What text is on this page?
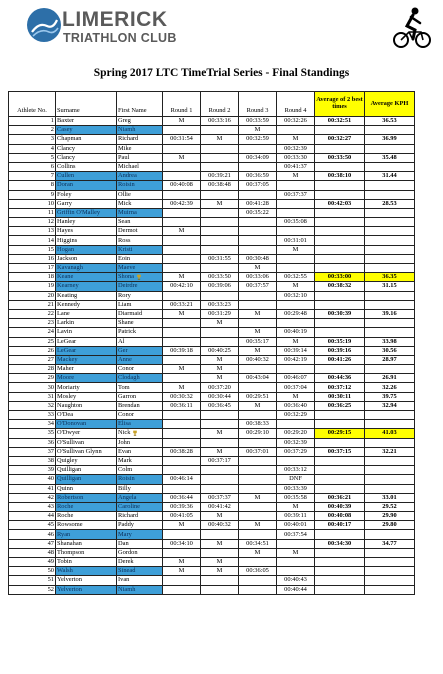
LIMERICK
TRIATHLON CLUB
Spring 2017 LTC TimeTrial Series - Final Standings
Athlete No.	Surname	First Name	Round 1	Round 2	Round 3	Round 4	Average of 2 best times	Average KPH
1	Baxter	Greg	M	00:33:16	00:33:59	00:32:26	00:32:51	36.53
2	Casey	Niamh			M			
3	Chapman	Richard	00:31:54	M	00:32:59	M	00:32:27	36.99
4	Clancy	Mike				00:32:39		
5	Clancy	Paul	M		00:34:09	00:33:30	00:33:50	35.48
6	Collins	Michael				00:41:37		
7	Cullen	Andrea		00:39:21	00:36:59	M	00:38:10	31.44
8	Doran	Roisin	00:40:08	00:38:48	00:37:05			
9	Foley	Ollie				00:37:37		
10	Garry	Mick	00:42:39	M	00:41:28		00:42:03	28.53
11	Griffin O'Malley	Muirna			00:35:22			
12	Hanley	Sean				00:35:08		
13	Hayes	Dermot	M					
14	Higgins	Ross				00:31:01		
15	Hogan	Kristi				M		
16	Jackson	Eoin		00:31:55	00:30:48			
17	Kavanagh	Maeve			M			
18	Keane	Shona	M	00:33:50	00:33:06	00:32:55	00:33:00	36.35
19	Kearney	Deirdre	00:42:10	00:39:06	00:37:57	M	00:38:32	31.15
20	Keating	Rory				00:32:10		
21	Kennedy	Liam	00:33:21	00:33:23				
22	Lane	Diarmaid	M	00:31:29	M	00:29:48	00:30:39	39.16
23	Larkin	Shane		M				
24	Lavin	Patrick			M	00:40:19		
25	LeGear	Al			00:35:17	M	00:35:19	33.98
26	LeGear	Ger	00:39:18	00:40:25	M	00:39:14	00:39:16	30.56
27	Mackey	Anne		M	00:40:32	00:42:19	00:41:26	28.97
28	Maher	Conor	M	M				
29	Moore	Clodagh		M	00:43:04	00:46:07	00:44:36	26.91
30	Moriarty	Tom	M	00:37:20		00:37:04	00:37:12	32.26
31	Mosley	Garron	00:30:32	00:30:44	00:29:51	M	00:30:11	39.75
32	Naughton	Brendan	00:36:11	00:36:45	M	00:36:40	00:36:25	32.94
33	O'Dea	Conor				00:32:29		
34	O'Donovan	Elisa			00:38:33			
35	O'Dwyer	Nick		M	00:29:10	00:29:20	00:29:15	41.03
36	O'Sullivan	John				00:32:39		
37	O'Sullivan Glynn	Evan	00:38:28	M	00:37:01	00:37:29	00:37:15	32.21
38	Quigley	Mark		00:37:17				
39	Quilligan	Colm				00:33:12		
40	Quilligan	Roisin	00:46:14			DNF		
41	Quinn	Billy				00:33:39		
42	Robertson	Angela	00:36:44	00:37:37	M	00:35:58	00:36:21	33.01
43	Roche	Caroline	00:39:36	00:41:42		M	00:40:39	29.52
44	Roche	Richard	00:41:05	M		00:39:11	00:40:08	29.90
45	Rowsome	Paddy	M	00:40:32	M	00:40:01	00:40:17	29.80
46	Ryan	Mary				00:37:54		
47	Shanahan	Dan	00:34:10	M	00:34:51		00:34:30	34.77
48	Thompson	Gordon			M	M		
49	Tobin	Derek	M	M				
50	Walsh	Sinead	M	M	00:36:05			
51	Yelverton	Ivan				00:40:43		
52	Yelverton	Niamh				00:40:44		
